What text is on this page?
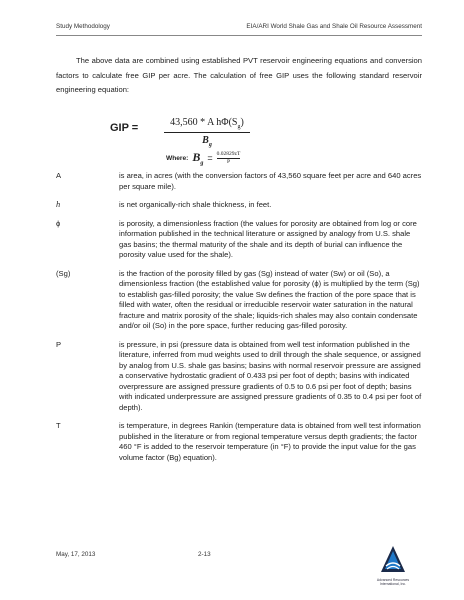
Study Methodology	EIA/ARI World Shale Gas and Shale Oil Resource Assessment

The above data are combined using established PVT reservoir engineering equations and conversion factors to calculate free GIP per acre. The calculation of free GIP uses the following standard reservoir engineering equation:

GIP =	43,560 * A $h\Phi(S_g)$
$B_g$
Where: $B_g$
= $\frac{0.02829zT}{P}$
A	is area, in acres (with the conversion factors of 43,560 square feet per acre and 640 acres per square mile).
h	is net organically-rich shale thickness, in feet.
ϕ	is porosity, a dimensionless fraction (the values for porosity are obtained from log or core information published in the technical literature or assigned by analogy from U.S. shale gas basins; the thermal maturity of the shale and its depth of burial can influence the porosity value used for the shale).
(Sg)	is the fraction of the porosity filled by gas (Sg) instead of water (Sw) or oil (So), a dimensionless fraction (the established value for porosity (ϕ) is multiplied by the term (Sg) to establish gas-filled porosity; the value Sw defines the fraction of the pore space that is filled with water, often the residual or irreducible reservoir water saturation in the natural fracture and matrix porosity of the shale; liquids-rich shales may also contain condensate and/or oil (So) in the pore space, further reducing gas-filled porosity.
P	is pressure, in psi (pressure data is obtained from well test information published in the literature, inferred from mud weights used to drill through the shale sequence, or assigned by analog from U.S. shale gas basins; basins with normal reservoir pressure are assigned a conservative hydrostatic gradient of 0.433 psi per foot of depth; basins with indicated overpressure are assigned pressure gradients of 0.5 to 0.6 psi per foot of depth; basins with indicated underpressure are assigned pressure gradients of 0.35 to 0.4 psi per foot of depth).
T	is temperature, in degrees Rankin (temperature data is obtained from well test information published in the literature or from regional temperature versus depth gradients; the factor 460 °F is added to the reservoir temperature (in °F) to provide the input value for the gas volume factor (Bg) equation).
May, 17, 2013	2-13
Advanced Resources
International, Inc.
